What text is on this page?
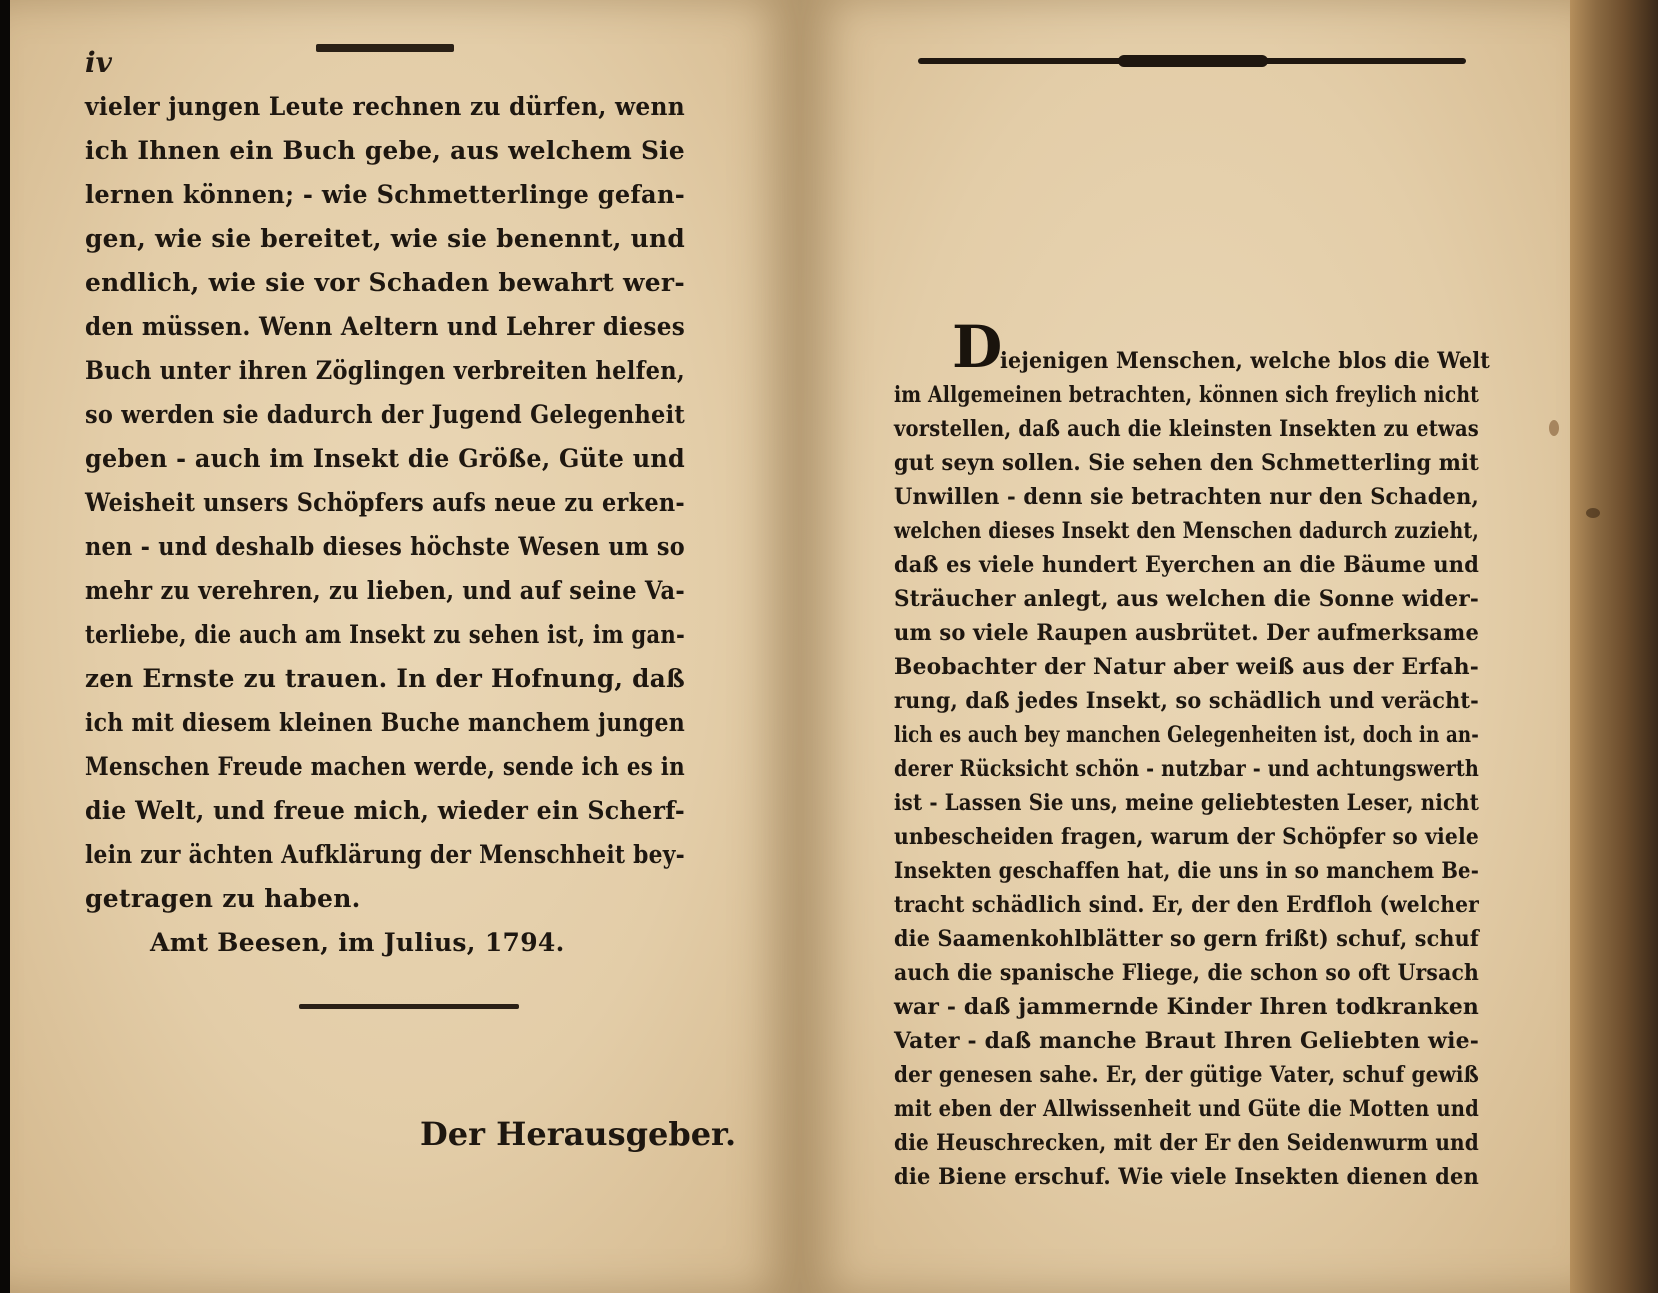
iv
vieler jungen Leute rechnen zu dürfen, wenn
ich Ihnen ein Buch gebe, aus welchem Sie
lernen können; - wie Schmetterlinge gefan-
gen, wie sie bereitet, wie sie benennt, und
endlich, wie sie vor Schaden bewahrt wer-
den müssen. Wenn Aeltern und Lehrer dieses
Buch unter ihren Zöglingen verbreiten helfen,
so werden sie dadurch der Jugend Gelegenheit
geben - auch im Insekt die Größe, Güte und
Weisheit unsers Schöpfers aufs neue zu erken-
nen - und deshalb dieses höchste Wesen um so
mehr zu verehren, zu lieben, und auf seine Va-
terliebe, die auch am Insekt zu sehen ist, im gan-
zen Ernste zu trauen. In der Hofnung, daß
ich mit diesem kleinen Buche manchem jungen
Menschen Freude machen werde, sende ich es in
die Welt, und freue mich, wieder ein Scherf-
lein zur ächten Aufklärung der Menschheit bey-
getragen zu haben.
Amt Beesen, im Julius, 1794.
Der Herausgeber.
D
iejenigen Menschen, welche blos die Welt
im Allgemeinen betrachten, können sich freylich nicht
vorstellen, daß auch die kleinsten Insekten zu etwas
gut seyn sollen. Sie sehen den Schmetterling mit
Unwillen - denn sie betrachten nur den Schaden,
welchen dieses Insekt den Menschen dadurch zuzieht,
daß es viele hundert Eyerchen an die Bäume und
Sträucher anlegt, aus welchen die Sonne wider-
um so viele Raupen ausbrütet. Der aufmerksame
Beobachter der Natur aber weiß aus der Erfah-
rung, daß jedes Insekt, so schädlich und verächt-
lich es auch bey manchen Gelegenheiten ist, doch in an-
derer Rücksicht schön - nutzbar - und achtungswerth
ist - Lassen Sie uns, meine geliebtesten Leser, nicht
unbescheiden fragen, warum der Schöpfer so viele
Insekten geschaffen hat, die uns in so manchem Be-
tracht schädlich sind. Er, der den Erdfloh (welcher
die Saamenkohlblätter so gern frißt) schuf, schuf
auch die spanische Fliege, die schon so oft Ursach
war - daß jammernde Kinder Ihren todkranken
Vater - daß manche Braut Ihren Geliebten wie-
der genesen sahe. Er, der gütige Vater, schuf gewiß
mit eben der Allwissenheit und Güte die Motten und
die Heuschrecken, mit der Er den Seidenwurm und
die Biene erschuf. Wie viele Insekten dienen den
